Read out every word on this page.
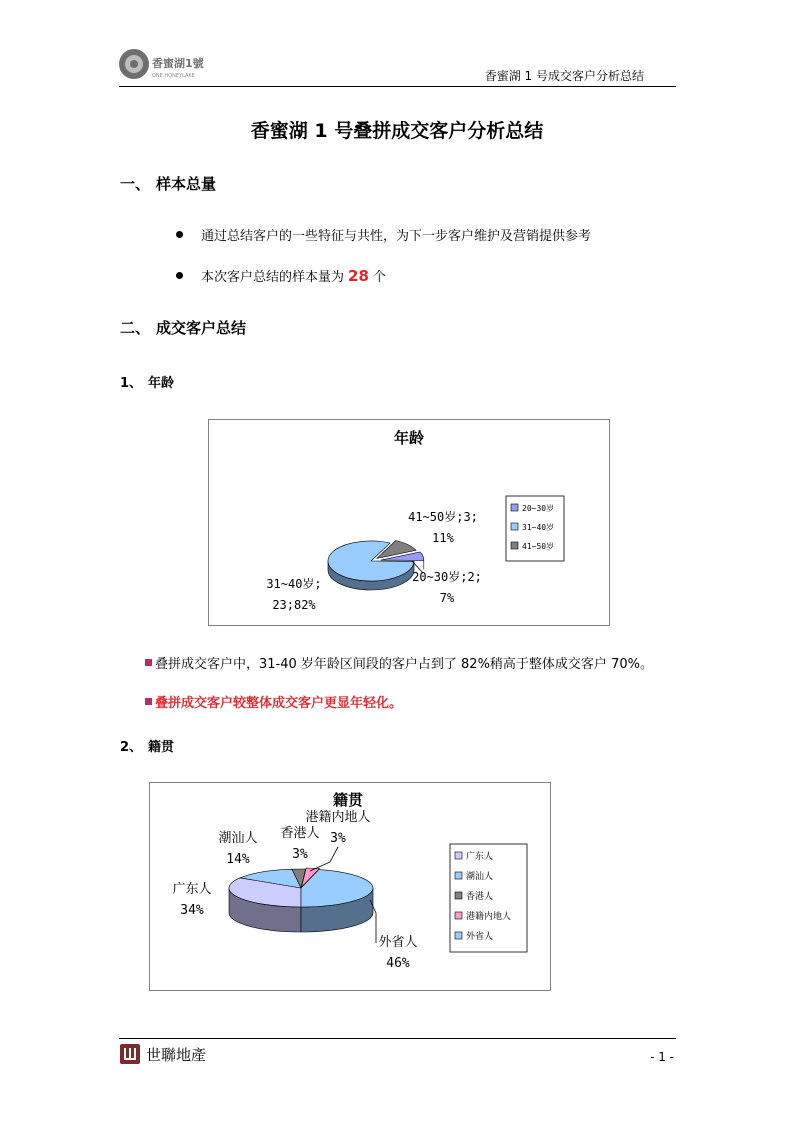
香蜜湖1號
ONE HONEYLAKE	香蜜湖 1 号成交客户分析总结
香蜜湖 1 号叠拼成交客户分析总结
一、 样本总量
通过总结客户的一些特征与共性，为下一步客户维护及营销提供参考
本次客户总结的样本量为 28 个
二、 成交客户总结
1、 年龄
年龄
20~30岁
31~40岁
41~50岁
20~30岁;2;
7%
31~40岁;
23;82%
41~50岁;3;
11%
叠拼成交客户中，31-40 岁年龄区间段的客户占到了 82%稍高于整体成交客户 70%。
叠拼成交客户较整体成交客户更显年轻化。
2、 籍贯
籍贯
广东人
潮汕人
香港人
港籍内地人
外省人
广东人
34%
潮汕人
14%
香港人
3%
港籍内地人
3%
外省人
46%
世聯地產	- 1 -
